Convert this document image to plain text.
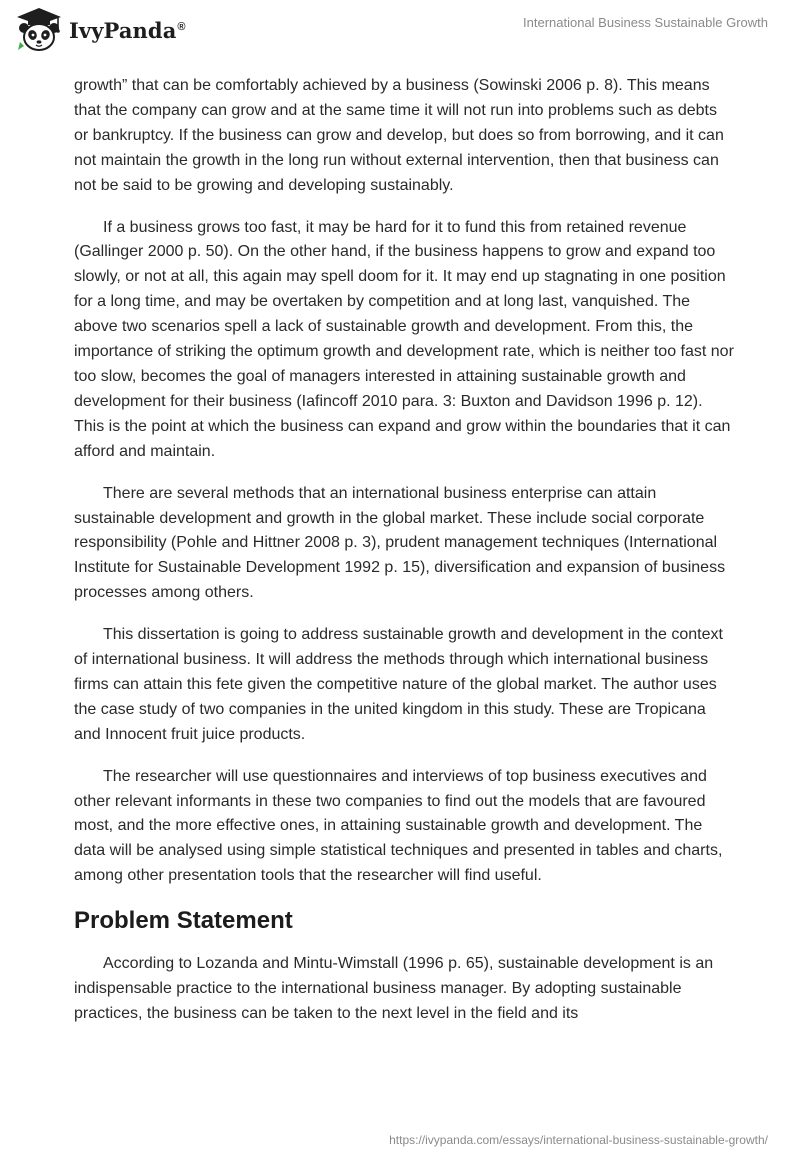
IvyPanda®	International Business Sustainable Growth

growth” that can be comfortably achieved by a business (Sowinski 2006 p. 8). This means that the company can grow and at the same time it will not run into problems such as debts or bankruptcy. If the business can grow and develop, but does so from borrowing, and it can not maintain the growth in the long run without external intervention, then that business can not be said to be growing and developing sustainably.

If a business grows too fast, it may be hard for it to fund this from retained revenue (Gallinger 2000 p. 50). On the other hand, if the business happens to grow and expand too slowly, or not at all, this again may spell doom for it. It may end up stagnating in one position for a long time, and may be overtaken by competition and at long last, vanquished. The above two scenarios spell a lack of sustainable growth and development. From this, the importance of striking the optimum growth and development rate, which is neither too fast nor too slow, becomes the goal of managers interested in attaining sustainable growth and development for their business (Iafincoff 2010 para. 3: Buxton and Davidson 1996 p. 12). This is the point at which the business can expand and grow within the boundaries that it can afford and maintain.

There are several methods that an international business enterprise can attain sustainable development and growth in the global market. These include social corporate responsibility (Pohle and Hittner 2008 p. 3), prudent management techniques (International Institute for Sustainable Development 1992 p. 15), diversification and expansion of business processes among others.

This dissertation is going to address sustainable growth and development in the context of international business. It will address the methods through which international business firms can attain this fete given the competitive nature of the global market. The author uses the case study of two companies in the united kingdom in this study. These are Tropicana and Innocent fruit juice products.

The researcher will use questionnaires and interviews of top business executives and other relevant informants in these two companies to find out the models that are favoured most, and the more effective ones, in attaining sustainable growth and development. The data will be analysed using simple statistical techniques and presented in tables and charts, among other presentation tools that the researcher will find useful.

Problem Statement

According to Lozanda and Mintu-Wimstall (1996 p. 65), sustainable development is an indispensable practice to the international business manager. By adopting sustainable practices, the business can be taken to the next level in the field and its

https://ivypanda.com/essays/international-business-sustainable-growth/
